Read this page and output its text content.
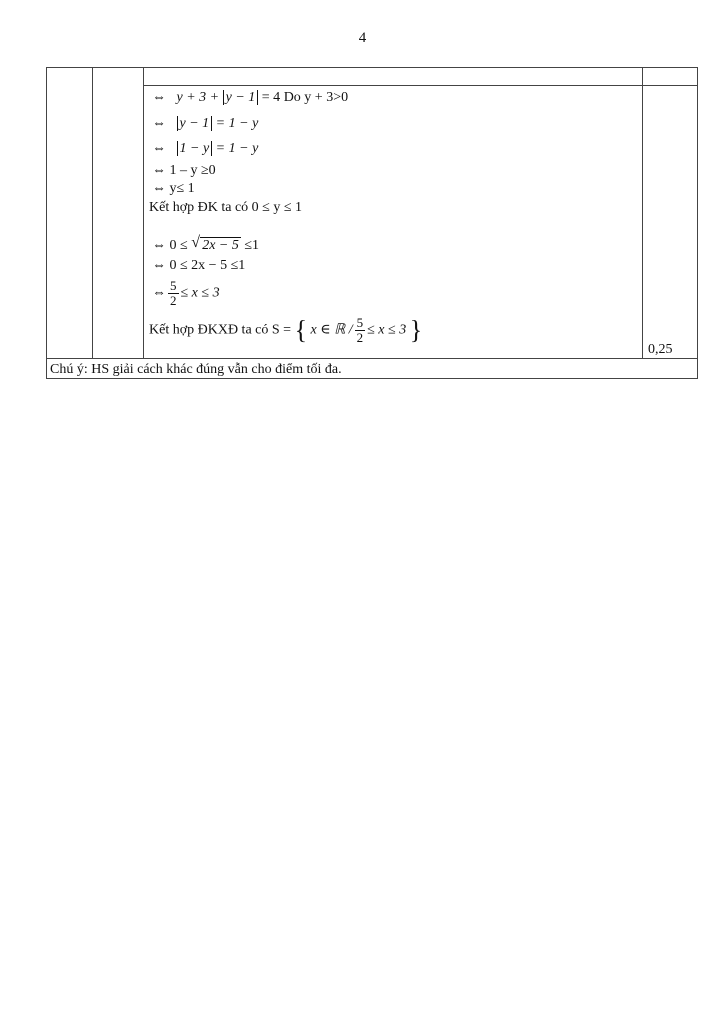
4
⇔ y + 3 + y − 1 = 4 Do y + 3>0
⇔ y − 1 = 1 − y
⇔ 1 − y = 1 − y
⇔ 1 – y ≥0
⇔ y≤ 1
Kết hợp ĐK ta có 0 ≤ y ≤ 1
⇔ 0 ≤ √ 2x − 5 ≤1
⇔ 0 ≤ 2x − 5 ≤1
⇔ $\frac{5}{2} \le x \le 3$
Kết hợp ĐKXĐ ta có S = { x ∈ ℝ / $\frac{5}{2} \le x \le 3$ }
0,25
Chú ý: HS giải cách khác đúng vẫn cho điểm tối đa.
